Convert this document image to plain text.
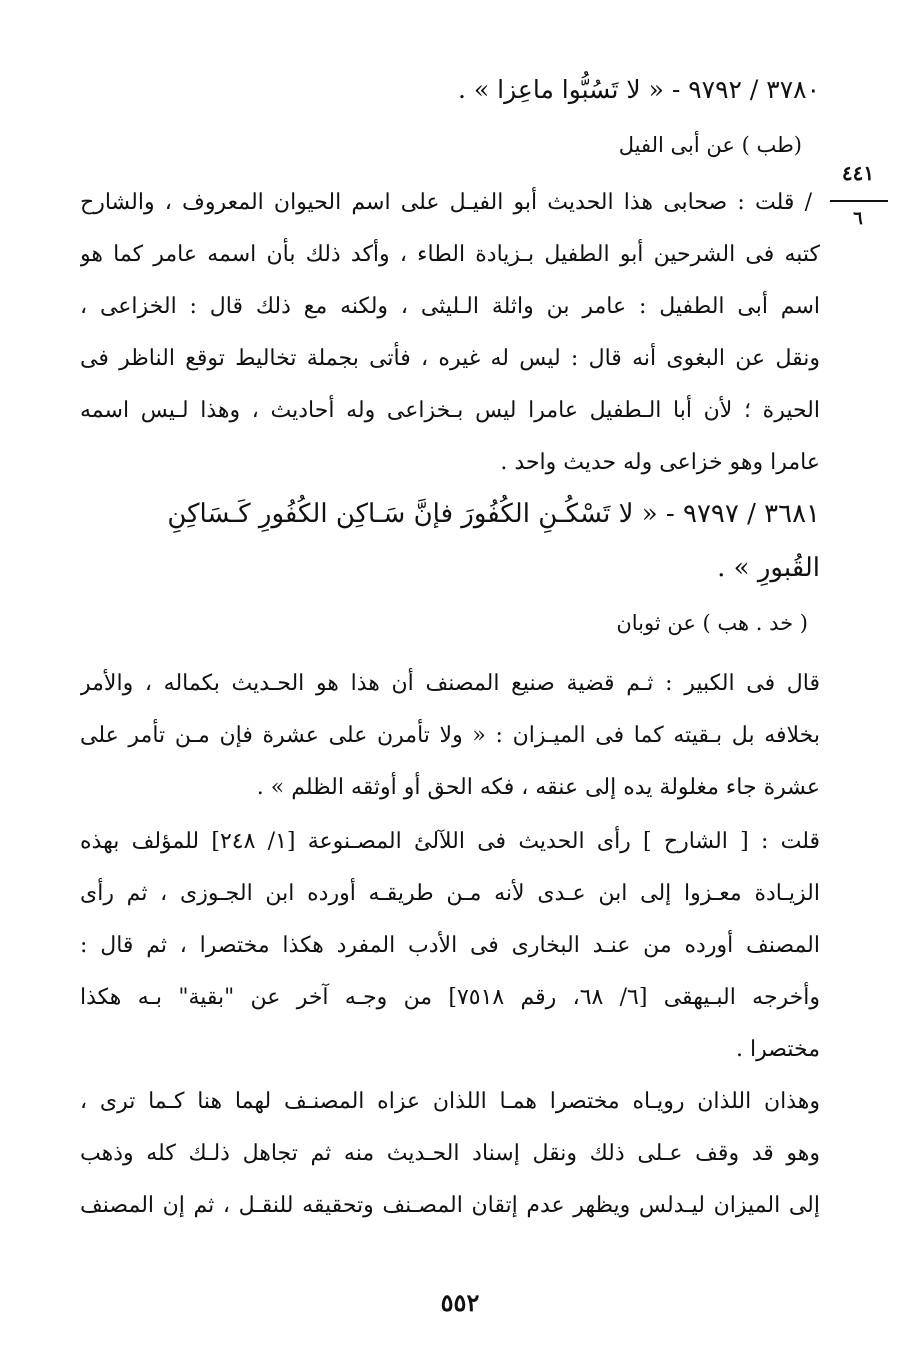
٣٧٨٠ / ٩٧٩٢ - « لا تَسُبُّوا ماعِزا » .
(طب ) عن أبى الفيل
٤٤١
٦
/ قلت : صحابى هذا الحديث أبو الفيـل على اسم الحيوان المعروف ، والشارح
كتبه فى الشرحين أبو الطفيل بـزيادة الطاء ، وأكد ذلك بأن اسمه عامر كما هو
اسم أبى الطفيل : عامر بن واثلة الـليثى ، ولكنه مع ذلك قال : الخزاعى ،
ونقل عن البغوى أنه قال : ليس له غيره ، فأتى بجملة تخاليط توقع الناظر فى
الحيرة ؛ لأن أبا الـطفيل عامرا ليس بـخزاعى وله أحاديث ، وهذا لـيس اسمه
عامرا وهو خزاعى وله حديث واحد .
٣٦٨١ / ٩٧٩٧ - « لا تَسْكُـنِ الكُفُورَ فإنَّ سَـاكِن الكُفُورِ كَـسَاكِنِ
القُبورِ » .
( خد . هب ) عن ثوبان
قال فى الكبير : ثـم قضية صنيع المصنف أن هذا هو الحـديث بكماله ، والأمر
بخلافه بل بـقيته كما فى الميـزان : « ولا تأمرن على عشرة فإن مـن تأمر على
عشرة جاء مغلولة يده إلى عنقه ، فكه الحق أو أوثقه الظلم » .
قلت : [ الشارح ] رأى الحديث فى اللآلئ المصـنوعة [١/ ٢٤٨] للمؤلف بهذه
الزيـادة معـزوا إلى ابن عـدى لأنه مـن طريقـه أورده ابن الجـوزى ، ثم رأى
المصنف أورده من عنـد البخارى فى الأدب المفرد هكذا مختصرا ، ثم قال :
وأخرجه البـيهقى [٦/ ٦٨، رقم ٧٥١٨] من وجـه آخر عن "بقية" بـه هكذا
مختصرا .
وهذان اللذان رويـاه مختصرا همـا اللذان عزاه المصنـف لهما هنا كـما ترى ،
وهو قد وقف عـلى ذلك ونقل إسناد الحـديث منه ثم تجاهل ذلـك كله وذهب
إلى الميزان ليـدلس ويظهر عدم إتقان المصـنف وتحقيقه للنقـل ، ثم إن المصنف
٥٥٢
